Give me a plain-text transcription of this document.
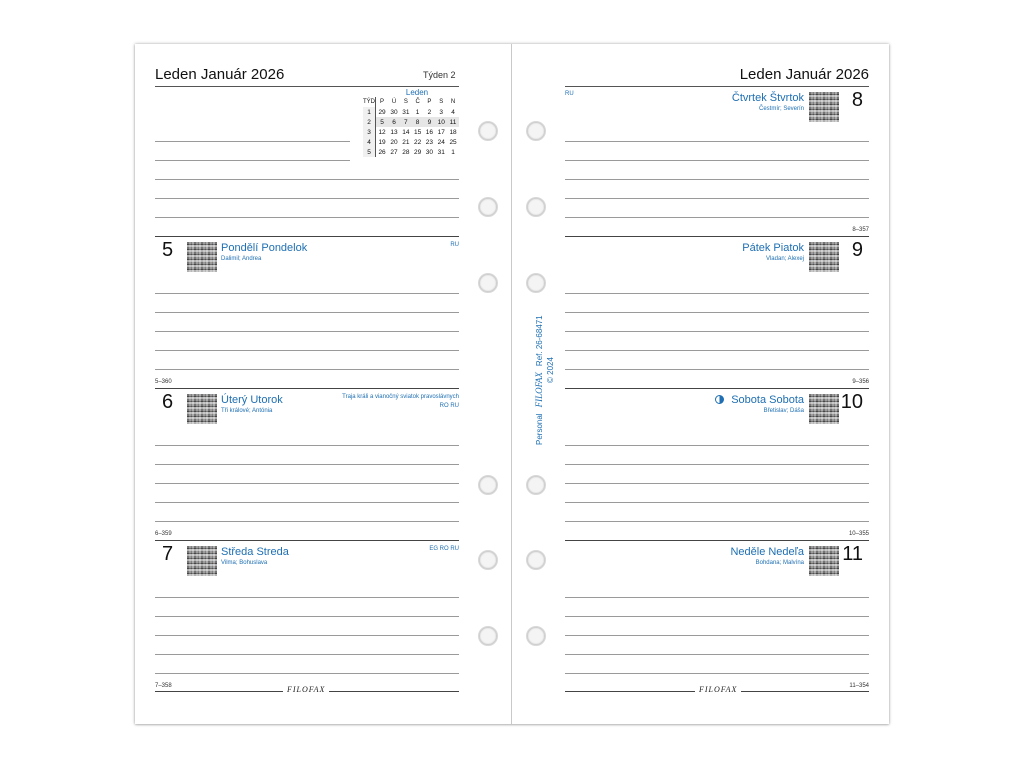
Leden Január 2026	Týden 2
Leden
TÝD	P	Ú	S	Č	P	S	N
1	29	30	31	1	2	3	4
2	5	6	7	8	9	10	11
3	12	13	14	15	16	17	18
4	19	20	21	22	23	24	25
5	26	27	28	29	30	31	1
5	Pondělí Pondelok
Dalimil; Andrea
RU
5–360
6	Úterý Utorok
Tři králové; Antónia
Traja králi a vianočný sviatok pravoslávnych
RO RU
6–359
7	Středa Streda
Vilma; Bohuslava
EG RO RU
7–358	FILOFAX
Leden Január 2026
8
Čtvrtek Štvrtok
Čestmír; Severín
RU
8–357
9
Pátek Piatok
Vladan; Alexej
9–356
10
Sobota Sobota
Břetislav; Dáša
10–355
11
Neděle Nedeľa
Bohdana; Malvína
11–354
FILOFAX
Personal
FILOFAX
Ref. 26-68471
© 2024
